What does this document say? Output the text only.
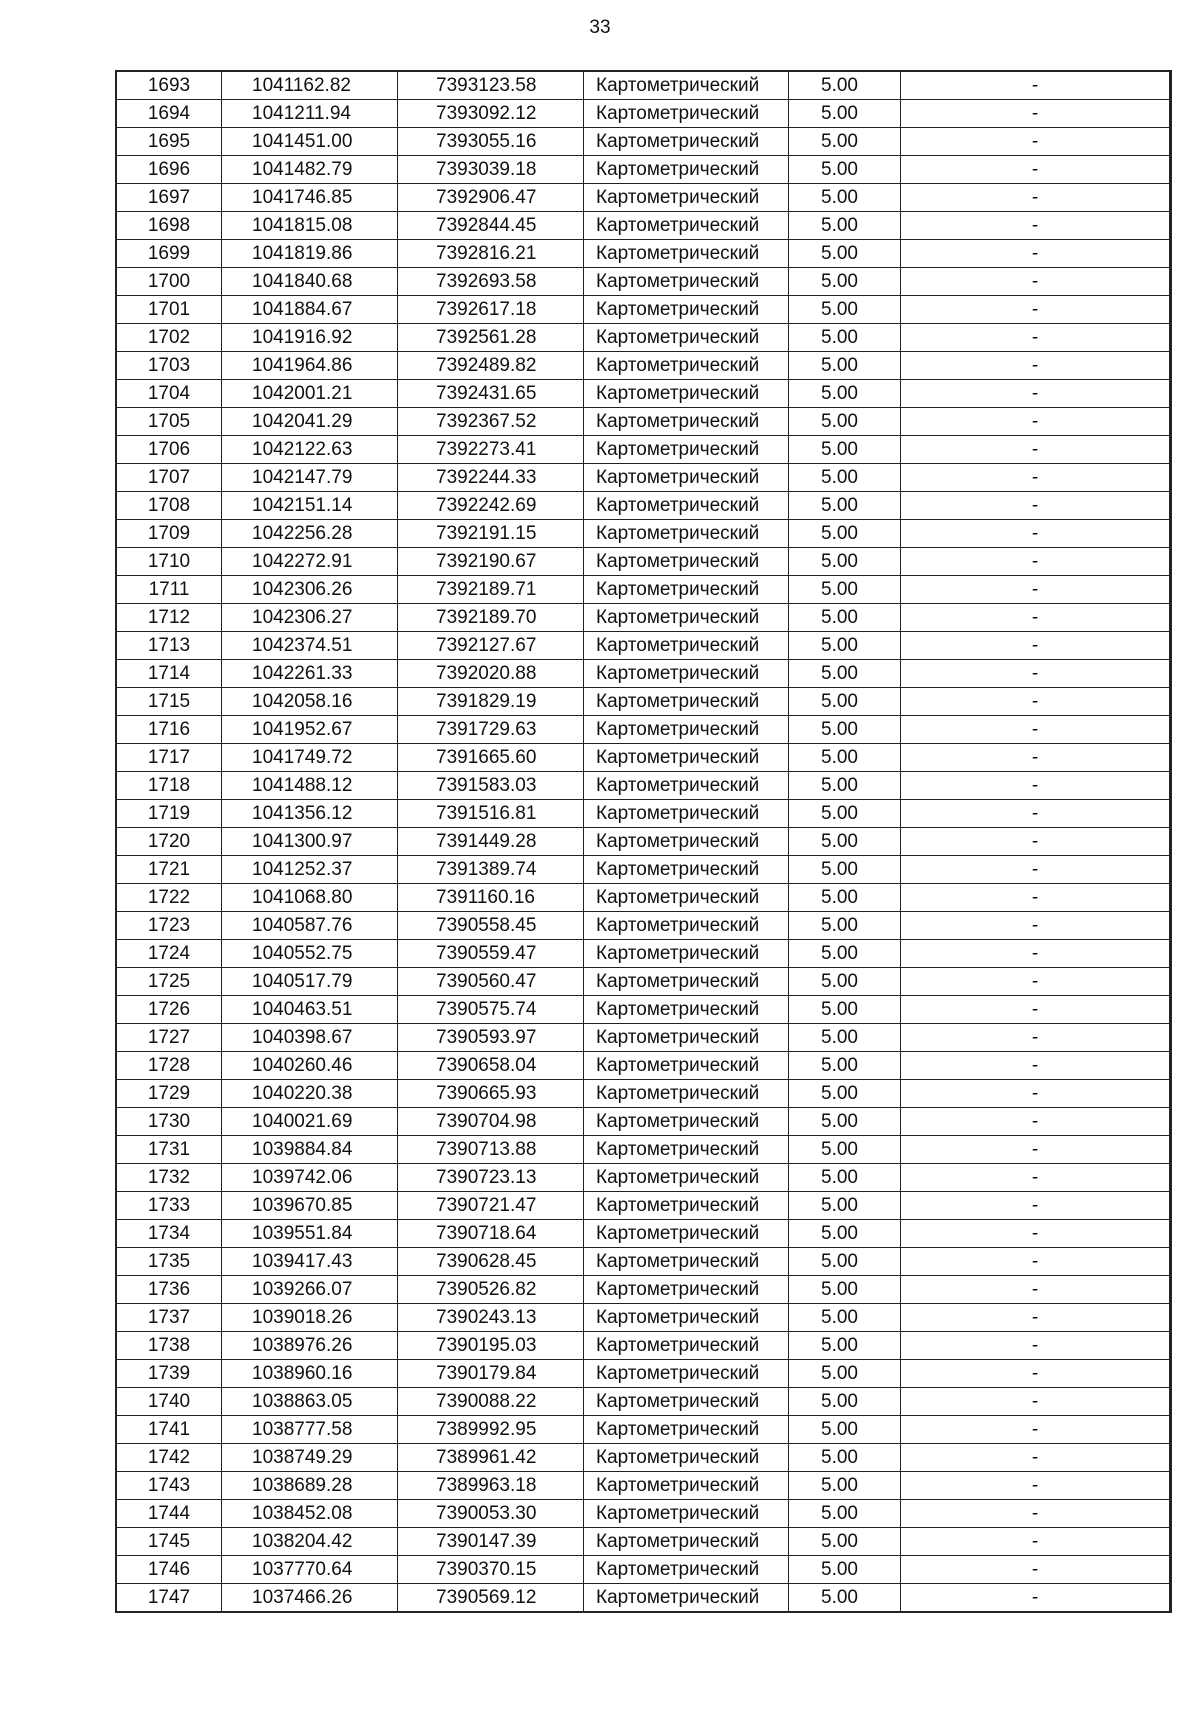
33
1693	1041162.82	7393123.58	Картометрический	5.00	-
1694	1041211.94	7393092.12	Картометрический	5.00	-
1695	1041451.00	7393055.16	Картометрический	5.00	-
1696	1041482.79	7393039.18	Картометрический	5.00	-
1697	1041746.85	7392906.47	Картометрический	5.00	-
1698	1041815.08	7392844.45	Картометрический	5.00	-
1699	1041819.86	7392816.21	Картометрический	5.00	-
1700	1041840.68	7392693.58	Картометрический	5.00	-
1701	1041884.67	7392617.18	Картометрический	5.00	-
1702	1041916.92	7392561.28	Картометрический	5.00	-
1703	1041964.86	7392489.82	Картометрический	5.00	-
1704	1042001.21	7392431.65	Картометрический	5.00	-
1705	1042041.29	7392367.52	Картометрический	5.00	-
1706	1042122.63	7392273.41	Картометрический	5.00	-
1707	1042147.79	7392244.33	Картометрический	5.00	-
1708	1042151.14	7392242.69	Картометрический	5.00	-
1709	1042256.28	7392191.15	Картометрический	5.00	-
1710	1042272.91	7392190.67	Картометрический	5.00	-
1711	1042306.26	7392189.71	Картометрический	5.00	-
1712	1042306.27	7392189.70	Картометрический	5.00	-
1713	1042374.51	7392127.67	Картометрический	5.00	-
1714	1042261.33	7392020.88	Картометрический	5.00	-
1715	1042058.16	7391829.19	Картометрический	5.00	-
1716	1041952.67	7391729.63	Картометрический	5.00	-
1717	1041749.72	7391665.60	Картометрический	5.00	-
1718	1041488.12	7391583.03	Картометрический	5.00	-
1719	1041356.12	7391516.81	Картометрический	5.00	-
1720	1041300.97	7391449.28	Картометрический	5.00	-
1721	1041252.37	7391389.74	Картометрический	5.00	-
1722	1041068.80	7391160.16	Картометрический	5.00	-
1723	1040587.76	7390558.45	Картометрический	5.00	-
1724	1040552.75	7390559.47	Картометрический	5.00	-
1725	1040517.79	7390560.47	Картометрический	5.00	-
1726	1040463.51	7390575.74	Картометрический	5.00	-
1727	1040398.67	7390593.97	Картометрический	5.00	-
1728	1040260.46	7390658.04	Картометрический	5.00	-
1729	1040220.38	7390665.93	Картометрический	5.00	-
1730	1040021.69	7390704.98	Картометрический	5.00	-
1731	1039884.84	7390713.88	Картометрический	5.00	-
1732	1039742.06	7390723.13	Картометрический	5.00	-
1733	1039670.85	7390721.47	Картометрический	5.00	-
1734	1039551.84	7390718.64	Картометрический	5.00	-
1735	1039417.43	7390628.45	Картометрический	5.00	-
1736	1039266.07	7390526.82	Картометрический	5.00	-
1737	1039018.26	7390243.13	Картометрический	5.00	-
1738	1038976.26	7390195.03	Картометрический	5.00	-
1739	1038960.16	7390179.84	Картометрический	5.00	-
1740	1038863.05	7390088.22	Картометрический	5.00	-
1741	1038777.58	7389992.95	Картометрический	5.00	-
1742	1038749.29	7389961.42	Картометрический	5.00	-
1743	1038689.28	7389963.18	Картометрический	5.00	-
1744	1038452.08	7390053.30	Картометрический	5.00	-
1745	1038204.42	7390147.39	Картометрический	5.00	-
1746	1037770.64	7390370.15	Картометрический	5.00	-
1747	1037466.26	7390569.12	Картометрический	5.00	-
